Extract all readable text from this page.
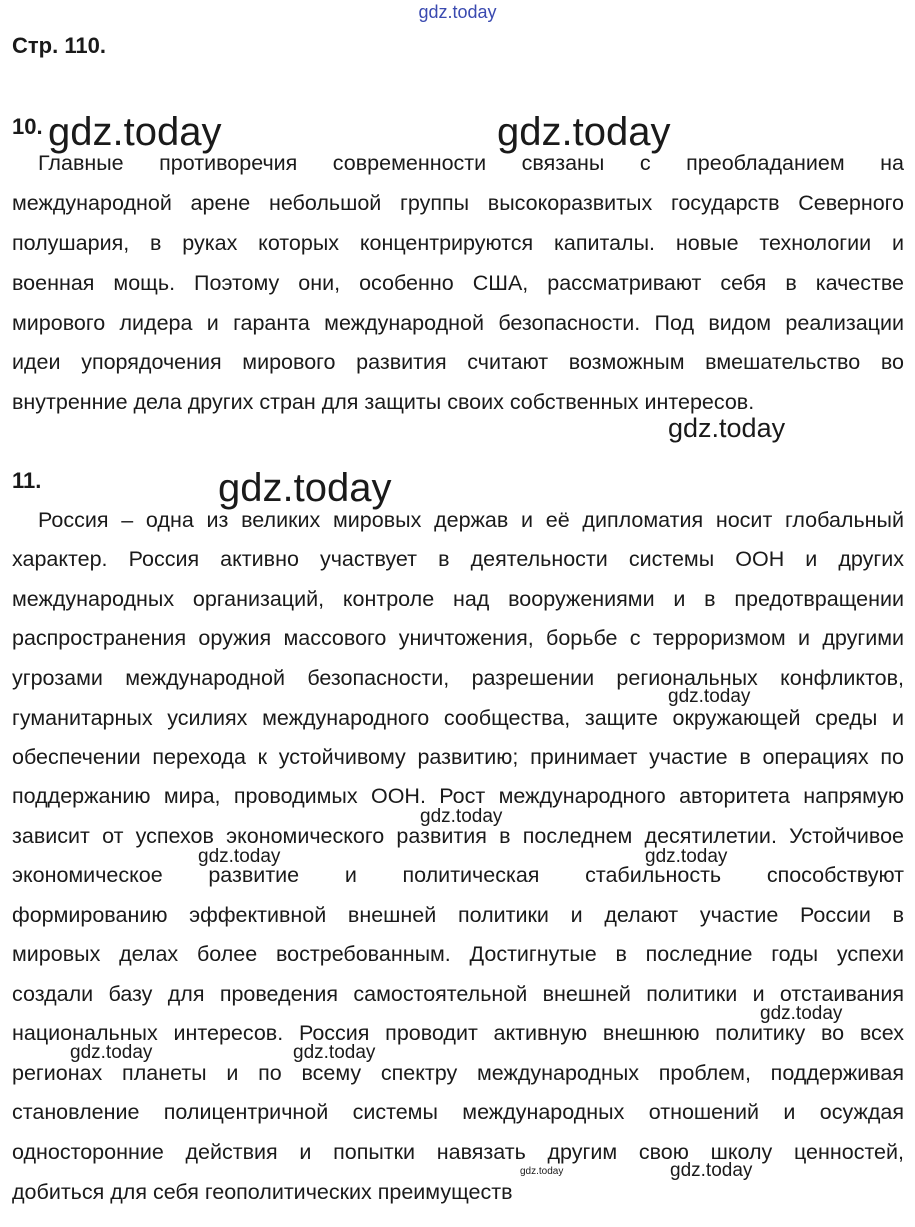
gdz.today
Стр. 110.
10.
Главные противоречия современности связаны с преобладанием на
международной арене небольшой группы высокоразвитых государств Северного
полушария, в руках которых концентрируются капиталы. новые технологии и
военная мощь. Поэтому они, особенно США, рассматривают себя в качестве
мирового лидера и гаранта международной безопасности. Под видом реализации
идеи упорядочения мирового развития считают возможным вмешательство во
внутренние дела других стран для защиты своих собственных интересов.
11.
Россия – одна из великих мировых держав и её дипломатия носит глобальный
характер. Россия активно участвует в деятельности системы ООН и других
международных организаций, контроле над вооружениями и в предотвращении
распространения оружия массового уничтожения, борьбе с терроризмом и другими
угрозами международной безопасности, разрешении региональных конфликтов,
гуманитарных усилиях международного сообщества, защите окружающей среды и
обеспечении перехода к устойчивому развитию; принимает участие в операциях по
поддержанию мира, проводимых ООН. Рост международного авторитета напрямую
зависит от успехов экономического развития в последнем десятилетии. Устойчивое
экономическое развитие и политическая стабильность способствуют
формированию эффективной внешней политики и делают участие России в
мировых делах более востребованным. Достигнутые в последние годы успехи
создали базу для проведения самостоятельной внешней политики и отстаивания
национальных интересов. Россия проводит активную внешнюю политику во всех
регионах планеты и по всему спектру международных проблем, поддерживая
становление полицентричной системы международных отношений и осуждая
односторонние действия и попытки навязать другим свою школу ценностей,
добиться для себя геополитических преимуществ
gdz.today	gdz.today
gdz.today
gdz.today
gdz.today
gdz.today
gdz.today	gdz.today
gdz.today	gdz.today
gdz.today
gdz.today
gdz.today
